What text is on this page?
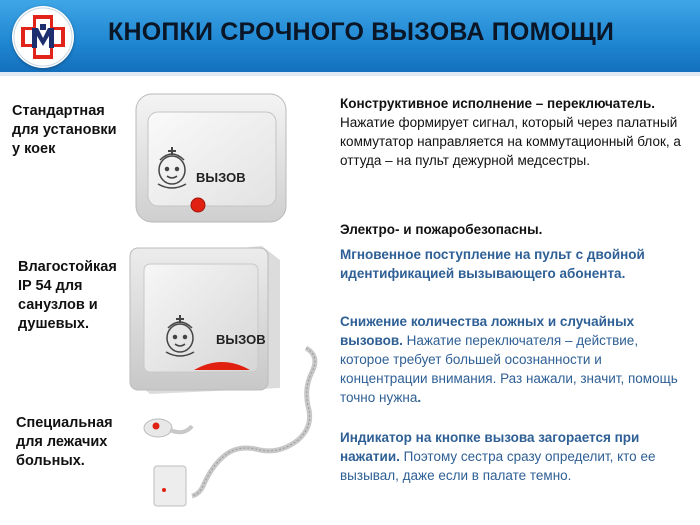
КНОПКИ СРОЧНОГО ВЫЗОВА ПОМОЩИ
Стандартная для установки у коек
Влагостойкая IP 54 для санузлов и душевых.
Специальная для лежачих больных.
ВЫЗОВ
ВЫЗОВ
Конструктивное исполнение – переключатель.
Нажатие формирует сигнал, который через палатный коммутатор направляется на коммутационный блок, а оттуда – на пульт дежурной медсестры.
Электро- и пожаробезопасны.
Мгновенное поступление на пульт с двойной идентификацией вызывающего абонента.
Снижение количества ложных и случайных вызовов. Нажатие переключателя – действие, которое требует большей осознанности и концентрации внимания. Раз нажали, значит, помощь точно нужна.
Индикатор на кнопке вызова загорается при нажатии. Поэтому сестра сразу определит, кто ее вызывал, даже если в палате темно.
